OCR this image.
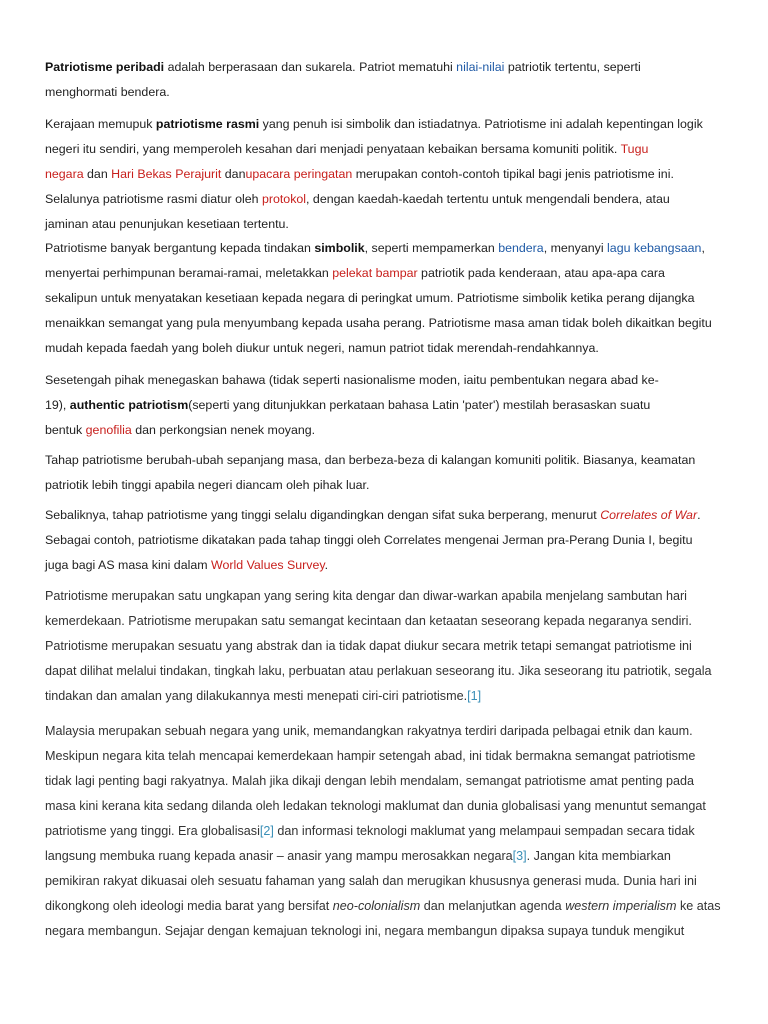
Patriotisme peribadi adalah berperasaan dan sukarela. Patriot mematuhi nilai-nilai patriotik tertentu, seperti
menghormati bendera.
Kerajaan memupuk patriotisme rasmi yang penuh isi simbolik dan istiadatnya. Patriotisme ini adalah kepentingan logik
negeri itu sendiri, yang memperoleh kesahan dari menjadi penyataan kebaikan bersama komuniti politik. Tugu
negara dan Hari Bekas Perajurit danupacara peringatan merupakan contoh-contoh tipikal bagi jenis patriotisme ini.
Selalunya patriotisme rasmi diatur oleh protokol, dengan kaedah-kaedah tertentu untuk mengendali bendera, atau
jaminan atau penunjukan kesetiaan tertentu.
Patriotisme banyak bergantung kepada tindakan simbolik, seperti mempamerkan bendera, menyanyi lagu kebangsaan,
menyertai perhimpunan beramai-ramai, meletakkan pelekat bampar patriotik pada kenderaan, atau apa-apa cara
sekalipun untuk menyatakan kesetiaan kepada negara di peringkat umum. Patriotisme simbolik ketika perang dijangka
menaikkan semangat yang pula menyumbang kepada usaha perang. Patriotisme masa aman tidak boleh dikaitkan begitu
mudah kepada faedah yang boleh diukur untuk negeri, namun patriot tidak merendah-rendahkannya.
Sesetengah pihak menegaskan bahawa (tidak seperti nasionalisme moden, iaitu pembentukan negara abad ke-
19), authentic patriotism(seperti yang ditunjukkan perkataan bahasa Latin 'pater') mestilah berasaskan suatu
bentuk genofilia dan perkongsian nenek moyang.
Tahap patriotisme berubah-ubah sepanjang masa, dan berbeza-beza di kalangan komuniti politik. Biasanya, keamatan
patriotik lebih tinggi apabila negeri diancam oleh pihak luar.
Sebaliknya, tahap patriotisme yang tinggi selalu digandingkan dengan sifat suka berperang, menurut Correlates of War.
Sebagai contoh, patriotisme dikatakan pada tahap tinggi oleh Correlates mengenai Jerman pra-Perang Dunia I, begitu
juga bagi AS masa kini dalam World Values Survey.
Patriotisme merupakan satu ungkapan yang sering kita dengar dan diwar-warkan apabila menjelang sambutan hari
kemerdekaan. Patriotisme merupakan satu semangat kecintaan dan ketaatan seseorang kepada negaranya sendiri.
Patriotisme merupakan sesuatu yang abstrak dan ia tidak dapat diukur secara metrik tetapi semangat patriotisme ini
dapat dilihat melalui tindakan, tingkah laku, perbuatan atau perlakuan seseorang itu. Jika seseorang itu patriotik, segala
tindakan dan amalan yang dilakukannya mesti menepati ciri-ciri patriotisme.[1]
Malaysia merupakan sebuah negara yang unik, memandangkan rakyatnya terdiri daripada pelbagai etnik dan kaum.
Meskipun negara kita telah mencapai kemerdekaan hampir setengah abad, ini tidak bermakna semangat patriotisme
tidak lagi penting bagi rakyatnya. Malah jika dikaji dengan lebih mendalam, semangat patriotisme amat penting pada
masa kini kerana kita sedang dilanda oleh ledakan teknologi maklumat dan dunia globalisasi yang menuntut semangat
patriotisme yang tinggi. Era globalisasi[2] dan informasi teknologi maklumat yang melampaui sempadan secara tidak
langsung membuka ruang kepada anasir – anasir yang mampu merosakkan negara[3]. Jangan kita membiarkan
pemikiran rakyat dikuasai oleh sesuatu fahaman yang salah dan merugikan khususnya generasi muda. Dunia hari ini
dikongkong oleh ideologi media barat yang bersifat neo-colonialism dan melanjutkan agenda western imperialism ke atas
negara membangun. Sejajar dengan kemajuan teknologi ini, negara membangun dipaksa supaya tunduk mengikut
